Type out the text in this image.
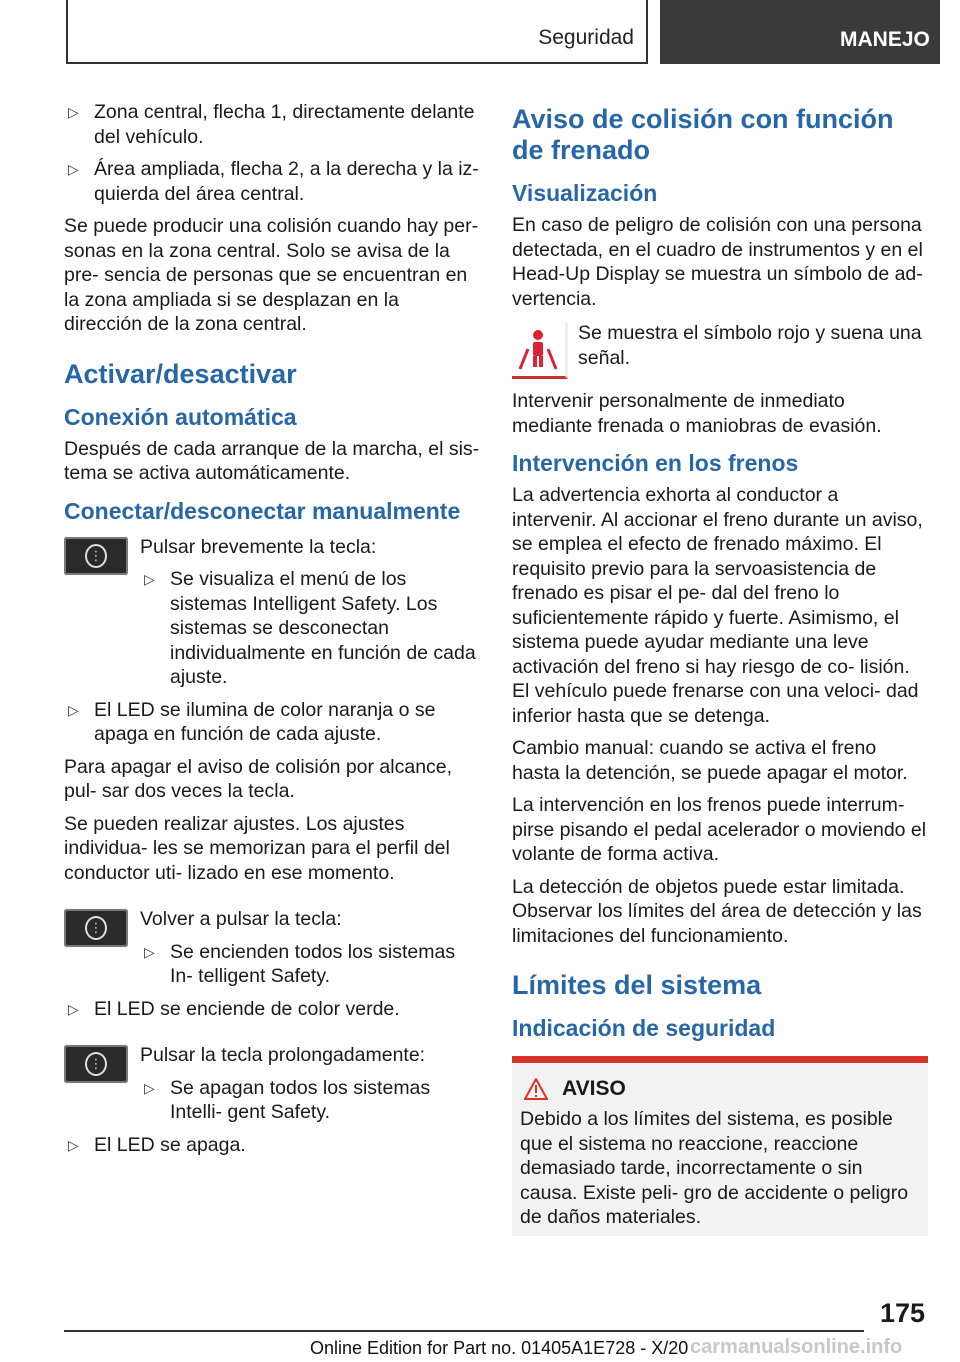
Seguridad	MANEJO
▷ Zona central, flecha 1, directamente delante del vehículo.
▷ Área ampliada, flecha 2, a la derecha y la iz- quierda del área central.

Se puede producir una colisión cuando hay per- sonas en la zona central. Solo se avisa de la pre- sencia de personas que se encuentran en la zona ampliada si se desplazan en la dirección de la zona central.

Activar/desactivar
Conexión automática

Después de cada arranque de la marcha, el sis- tema se activa automáticamente.

Conectar/desconectar manualmente
⋮ Pulsar brevemente la tecla:

▷ Se visualiza el menú de los sistemas Intelligent Safety. Los sistemas se desconectan individualmente en función de cada ajuste.
▷ El LED se ilumina de color naranja o se apaga en función de cada ajuste.

Para apagar el aviso de colisión por alcance, pul- sar dos veces la tecla.

Se pueden realizar ajustes. Los ajustes individua- les se memorizan para el perfil del conductor uti- lizado en ese momento.

⋮ Volver a pulsar la tecla:

▷ Se encienden todos los sistemas In- telligent Safety.
▷ El LED se enciende de color verde.
⋮ Pulsar la tecla prolongadamente:

▷ Se apagan todos los sistemas Intelli- gent Safety.
▷ El LED se apaga.
Aviso de colisión con función de frenado
Visualización

En caso de peligro de colisión con una persona detectada, en el cuadro de instrumentos y en el Head-Up Display se muestra un símbolo de ad- vertencia.

Se muestra el símbolo rojo y suena una señal.

Intervenir personalmente de inmediato mediante frenada o maniobras de evasión.

Intervención en los frenos

La advertencia exhorta al conductor a intervenir. Al accionar el freno durante un aviso, se emplea el efecto de frenado máximo. El requisito previo para la servoasistencia de frenado es pisar el pe- dal del freno lo suficientemente rápido y fuerte. Asimismo, el sistema puede ayudar mediante una leve activación del freno si hay riesgo de co- lisión. El vehículo puede frenarse con una veloci- dad inferior hasta que se detenga.

Cambio manual: cuando se activa el freno hasta la detención, se puede apagar el motor.

La intervención en los frenos puede interrum- pirse pisando el pedal acelerador o moviendo el volante de forma activa.

La detección de objetos puede estar limitada. Observar los límites del área de detección y las limitaciones del funcionamiento.

Límites del sistema
Indicación de seguridad
AVISO

Debido a los límites del sistema, es posible que el sistema no reaccione, reaccione demasiado tarde, incorrectamente o sin causa. Existe peli- gro de accidente o peligro de daños materiales.

175
Online Edition for Part no. 01405A1E728 - X/20 carmanualsonline.info
